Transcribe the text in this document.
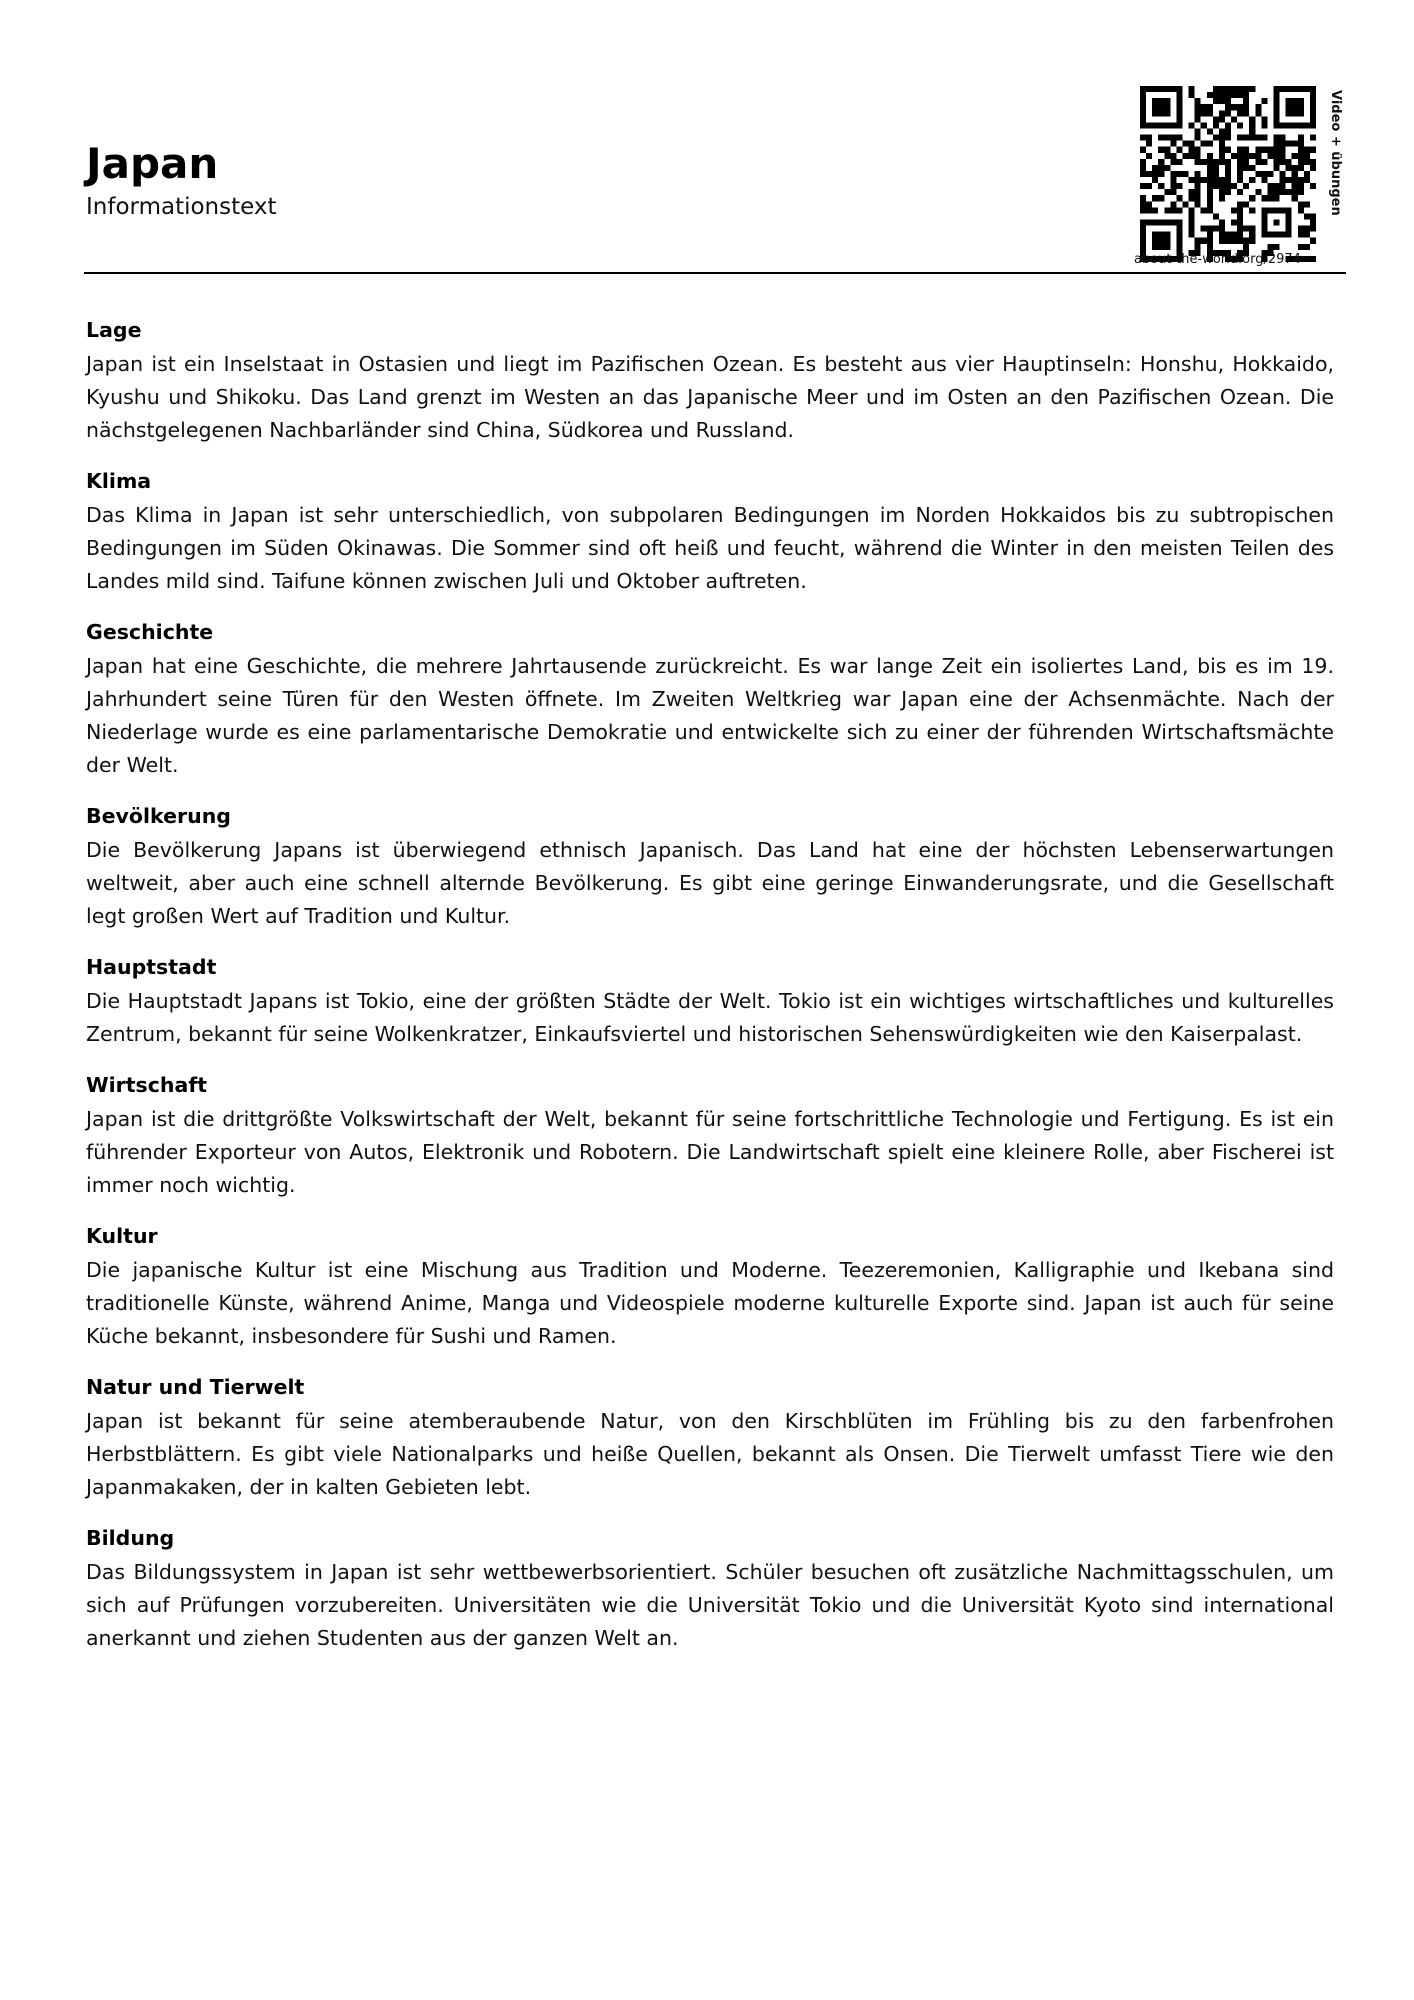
Japan
Informationstext
about-the-world.org/2974
Video + übungen
Lage

Japan ist ein Inselstaat in Ostasien und liegt im Pazifischen Ozean. Es besteht aus vier Hauptinseln: Honshu, Hokkaido, Kyushu und Shikoku. Das Land grenzt im Westen an das Japanische Meer und im Osten an den Pazifischen Ozean. Die nächstgelegenen Nachbarländer sind China, Südkorea und Russland.

Klima

Das Klima in Japan ist sehr unterschiedlich, von subpolaren Bedingungen im Norden Hokkaidos bis zu subtropischen Bedingungen im Süden Okinawas. Die Sommer sind oft heiß und feucht, während die Winter in den meisten Teilen des Landes mild sind. Taifune können zwischen Juli und Oktober auftreten.

Geschichte

Japan hat eine Geschichte, die mehrere Jahrtausende zurückreicht. Es war lange Zeit ein isoliertes Land, bis es im 19. Jahrhundert seine Türen für den Westen öffnete. Im Zweiten Weltkrieg war Japan eine der Achsenmächte. Nach der Niederlage wurde es eine parlamentarische Demokratie und entwickelte sich zu einer der führenden Wirtschaftsmächte der Welt.

Bevölkerung

Die Bevölkerung Japans ist überwiegend ethnisch Japanisch. Das Land hat eine der höchsten Lebenserwartungen weltweit, aber auch eine schnell alternde Bevölkerung. Es gibt eine geringe Einwanderungsrate, und die Gesellschaft legt großen Wert auf Tradition und Kultur.

Hauptstadt

Die Hauptstadt Japans ist Tokio, eine der größten Städte der Welt. Tokio ist ein wichtiges wirtschaftliches und kulturelles Zentrum, bekannt für seine Wolkenkratzer, Einkaufsviertel und historischen Sehenswürdigkeiten wie den Kaiserpalast.

Wirtschaft

Japan ist die drittgrößte Volkswirtschaft der Welt, bekannt für seine fortschrittliche Technologie und Fertigung. Es ist ein führender Exporteur von Autos, Elektronik und Robotern. Die Landwirtschaft spielt eine kleinere Rolle, aber Fischerei ist immer noch wichtig.

Kultur

Die japanische Kultur ist eine Mischung aus Tradition und Moderne. Teezeremonien, Kalligraphie und Ikebana sind traditionelle Künste, während Anime, Manga und Videospiele moderne kulturelle Exporte sind. Japan ist auch für seine Küche bekannt, insbesondere für Sushi und Ramen.

Natur und Tierwelt

Japan ist bekannt für seine atemberaubende Natur, von den Kirschblüten im Frühling bis zu den farbenfrohen Herbstblättern. Es gibt viele Nationalparks und heiße Quellen, bekannt als Onsen. Die Tierwelt umfasst Tiere wie den Japanmakaken, der in kalten Gebieten lebt.

Bildung

Das Bildungssystem in Japan ist sehr wettbewerbsorientiert. Schüler besuchen oft zusätzliche Nachmittagsschulen, um sich auf Prüfungen vorzubereiten. Universitäten wie die Universität Tokio und die Universität Kyoto sind international anerkannt und ziehen Studenten aus der ganzen Welt an.
